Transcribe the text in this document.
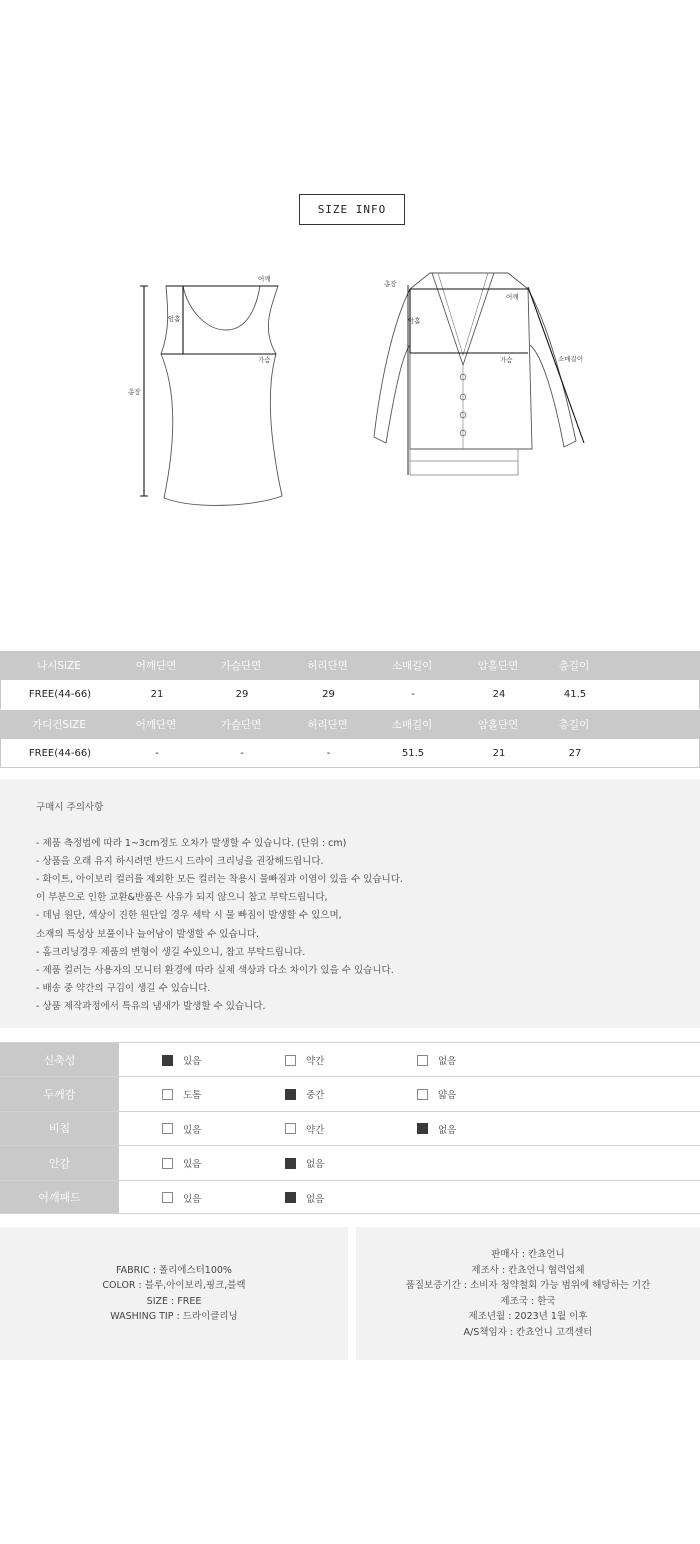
SIZE INFO
어깨
암홀
가슴
총장
총장
어깨
암홀
가슴	소매길이
나시SIZE	어깨단면	가슴단면	허리단면	소매길이	암홀단면	총길이
FREE(44-66)	21	29	29	-	24	41.5
가디건SIZE	어깨단면	가슴단면	허리단면	소매길이	암홀단면	총길이
FREE(44-66)	-	-	-	51.5	21	27
구매시 주의사항
- 제품 측정법에 따라 1~3cm정도 오차가 발생할 수 있습니다. (단위 : cm)
- 상품을 오래 유지 하시려면 반드시 드라이 크리닝을 권장해드립니다.
- 화이트, 아이보리 컬러를 제외한 모든 컬러는 착용시 물빠짐과 이염이 있을 수 있습니다.
이 부분으로 인한 교환&반품은 사유가 되지 않으니 참고 부탁드립니다,
- 데님 원단, 색상이 진한 원단일 경우 세탁 시 물 빠짐이 발생할 수 있으며,
소재의 특성상 보풀이나 늘어남이 발생할 수 있습니다.
- 홈크리닝경우 제품의 변형이 생길 수있으니, 참고 부탁드립니다.
- 제품 컬러는 사용자의 모니터 환경에 따라 실제 색상과 다소 차이가 있을 수 있습니다.
- 배송 중 약간의 구김이 생길 수 있습니다.
- 상품 제작과정에서 특유의 냄새가 발생할 수 있습니다.
신축성	있음	약간	없음
두께감	도톰	중간	얇음
비침	있음	약간	없음
안감	있음	없음
어깨패드	있음	없음
FABRIC : 폴리에스터100%
COLOR : 블루,아이보리,핑크,블랙
SIZE : FREE
WASHING TIP : 드라이클리닝
판매사 : 칸쵸언니
제조사 : 칸쵸언니 협력업체
품질보증기간 : 소비자 청약철회 가능 범위에 해당하는 기간
제조국 : 한국
제조년월 : 2023년 1월 이후
A/S책임자 : 칸쵸언니 고객센터
